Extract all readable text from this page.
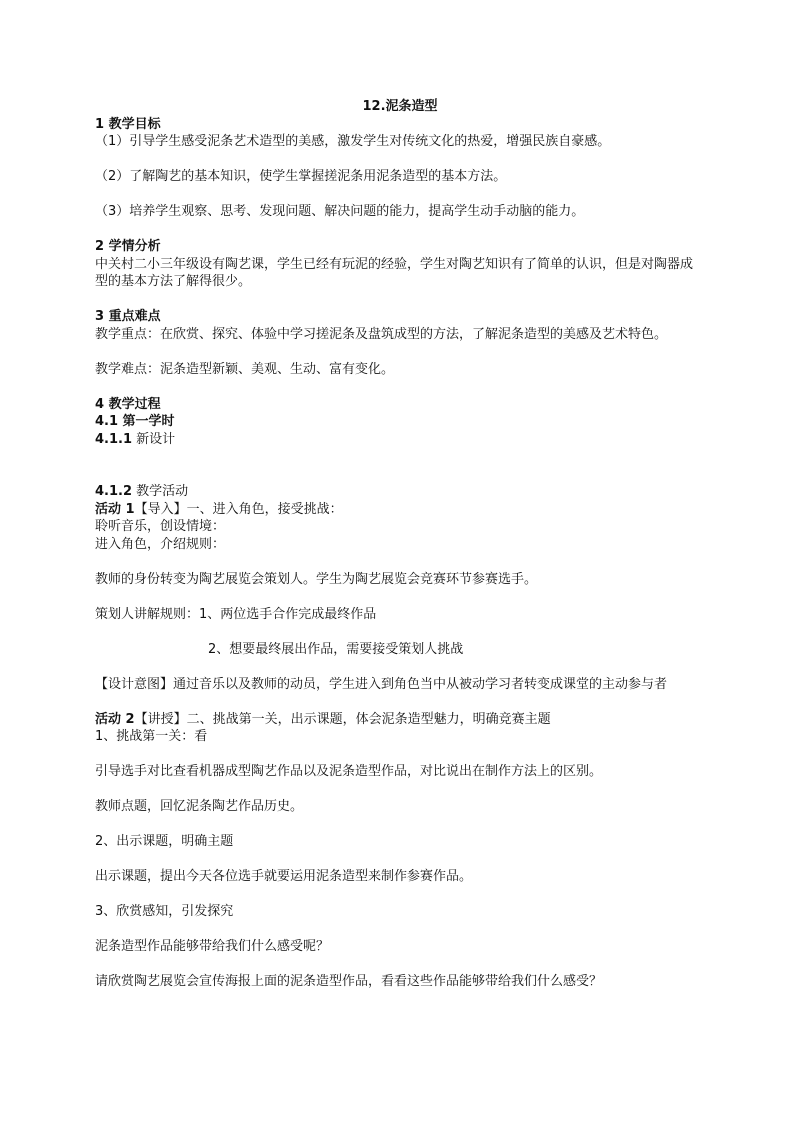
12.泥条造型

1 教学目标

（1）引导学生感受泥条艺术造型的美感，激发学生对传统文化的热爱，增强民族自豪感。

（2）了解陶艺的基本知识，使学生掌握搓泥条用泥条造型的基本方法。

（3）培养学生观察、思考、发现问题、解决问题的能力，提高学生动手动脑的能力。

2 学情分析

中关村二小三年级设有陶艺课，学生已经有玩泥的经验，学生对陶艺知识有了简单的认识，但是对陶器成型的基本方法了解得很少。

3 重点难点

教学重点：在欣赏、探究、体验中学习搓泥条及盘筑成型的方法，了解泥条造型的美感及艺术特色。

教学难点：泥条造型新颖、美观、生动、富有变化。

4 教学过程

4.1 第一学时

4.1.1 新设计

4.1.2 教学活动

活动 1【导入】一、进入角色，接受挑战：

聆听音乐，创设情境：

进入角色，介绍规则：

教师的身份转变为陶艺展览会策划人。学生为陶艺展览会竞赛环节参赛选手。

策划人讲解规则：1、两位选手合作完成最终作品

2、想要最终展出作品，需要接受策划人挑战

【设计意图】通过音乐以及教师的动员，学生进入到角色当中从被动学习者转变成课堂的主动参与者

活动 2【讲授】二、挑战第一关，出示课题，体会泥条造型魅力，明确竞赛主题

1、挑战第一关：看

引导选手对比查看机器成型陶艺作品以及泥条造型作品，对比说出在制作方法上的区别。

教师点题，回忆泥条陶艺作品历史。

2、出示课题，明确主题

出示课题，提出今天各位选手就要运用泥条造型来制作参赛作品。

3、欣赏感知，引发探究

泥条造型作品能够带给我们什么感受呢？

请欣赏陶艺展览会宣传海报上面的泥条造型作品，看看这些作品能够带给我们什么感受？
